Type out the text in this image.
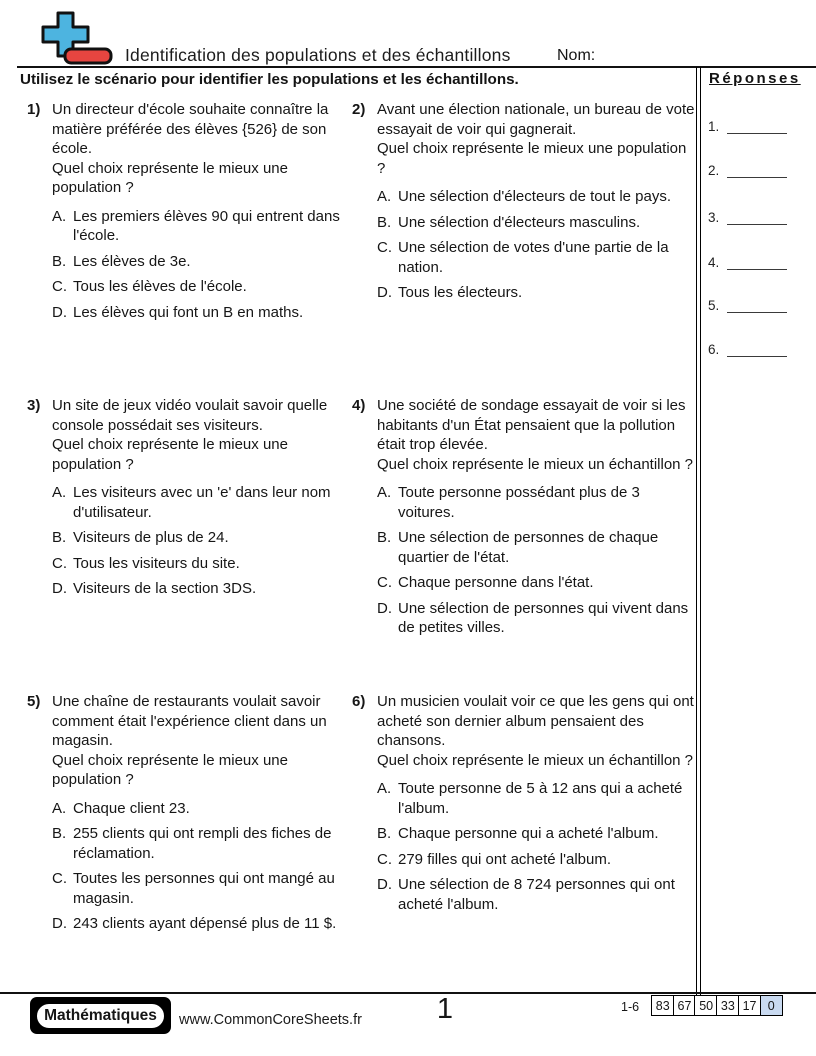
Identification des populations et des échantillons	Nom:
Utilisez le scénario pour identifier les populations et les échantillons.
1) Un directeur d'école souhaite connaître la matière préférée des élèves {526} de son école.
Quel choix représente le mieux une population ?
A. Les premiers élèves 90 qui entrent dans l'école.
B. Les élèves de 3e.
C. Tous les élèves de l'école.
D. Les élèves qui font un B en maths.
2) Avant une élection nationale, un bureau de vote essayait de voir qui gagnerait.
Quel choix représente le mieux une population ?
A. Une sélection d'électeurs de tout le pays.
B. Une sélection d'électeurs masculins.
C. Une sélection de votes d'une partie de la nation.
D. Tous les électeurs.
3) Un site de jeux vidéo voulait savoir quelle console possédait ses visiteurs.
Quel choix représente le mieux une population ?
A. Les visiteurs avec un 'e' dans leur nom d'utilisateur.
B. Visiteurs de plus de 24.
C. Tous les visiteurs du site.
D. Visiteurs de la section 3DS.
4) Une société de sondage essayait de voir si les habitants d'un État pensaient que la pollution était trop élevée.
Quel choix représente le mieux un échantillon ?
A. Toute personne possédant plus de 3 voitures.
B. Une sélection de personnes de chaque quartier de l'état.
C. Chaque personne dans l'état.
D. Une sélection de personnes qui vivent dans de petites villes.
5) Une chaîne de restaurants voulait savoir comment était l'expérience client dans un magasin.
Quel choix représente le mieux une population ?
A. Chaque client 23.
B. 255 clients qui ont rempli des fiches de réclamation.
C. Toutes les personnes qui ont mangé au magasin.
D. 243 clients ayant dépensé plus de 11 $.
6) Un musicien voulait voir ce que les gens qui ont acheté son dernier album pensaient des chansons.
Quel choix représente le mieux un échantillon ?
A. Toute personne de 5 à 12 ans qui a acheté l'album.
B. Chaque personne qui a acheté l'album.
C. 279 filles qui ont acheté l'album.
D. Une sélection de 8 724 personnes qui ont acheté l'album.
Réponses
1.
2.
3.
4.
5.
6.
Mathématiques	www.CommonCoreSheets.fr	1	1-6	83 67 50 33 17 0
